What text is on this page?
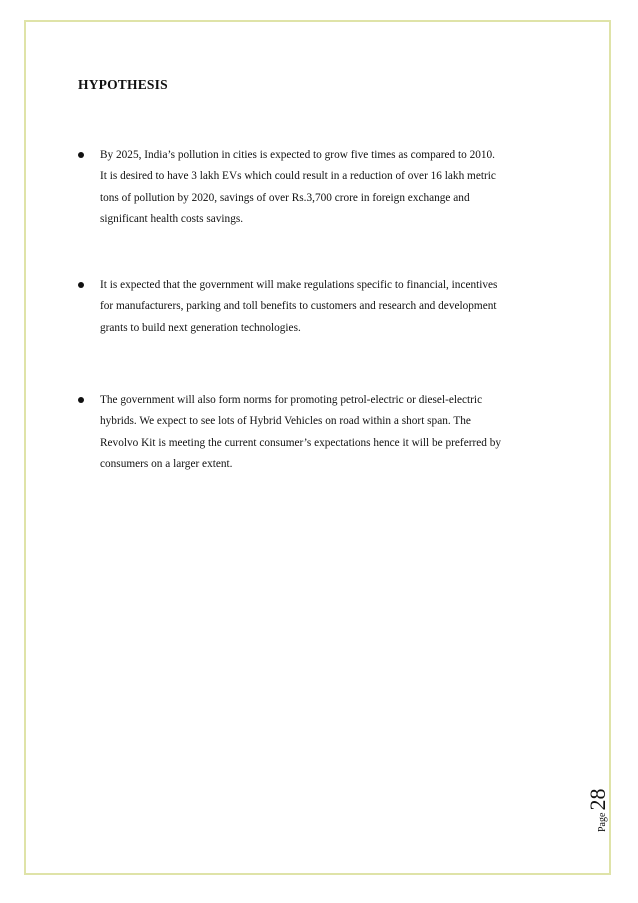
HYPOTHESIS

By 2025, India’s pollution in cities is expected to grow five times as compared to 2010.
It is desired to have 3 lakh EVs which could result in a reduction of over 16 lakh metric
tons of pollution by 2020, savings of over Rs.3,700 crore in foreign exchange and
significant health costs savings.

It is expected that the government will make regulations specific to financial, incentives
for manufacturers, parking and toll benefits to customers and research and development
grants to build next generation technologies.

The government will also form norms for promoting petrol-electric or diesel-electric
hybrids. We expect to see lots of Hybrid Vehicles on road within a short span. The
Revolvo Kit is meeting the current consumer’s expectations hence it will be preferred by
consumers on a larger extent.

Page
28
